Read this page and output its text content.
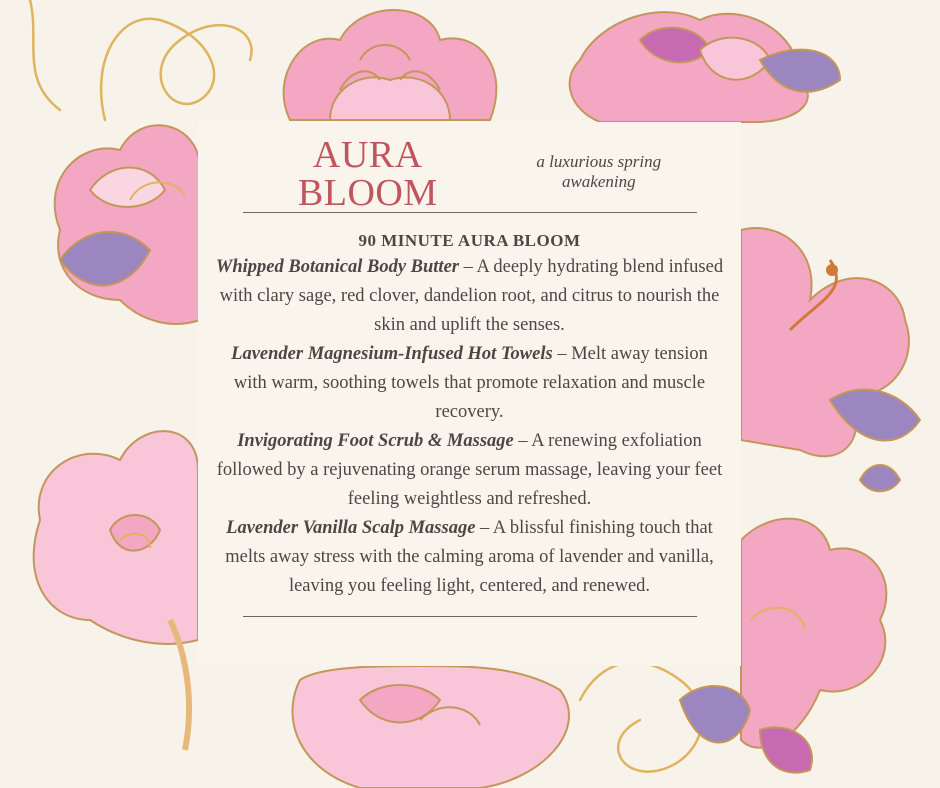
AURA BLOOM
a luxurious spring awakening
90 MINUTE AURA BLOOM

Whipped Botanical Body Butter – A deeply hydrating blend infused with clary sage, red clover, dandelion root, and citrus to nourish the skin and uplift the senses.

Lavender Magnesium-Infused Hot Towels – Melt away tension with warm, soothing towels that promote relaxation and muscle recovery.

Invigorating Foot Scrub & Massage – A renewing exfoliation followed by a rejuvenating orange serum massage, leaving your feet feeling weightless and refreshed.

Lavender Vanilla Scalp Massage – A blissful finishing touch that melts away stress with the calming aroma of lavender and vanilla, leaving you feeling light, centered, and renewed.
